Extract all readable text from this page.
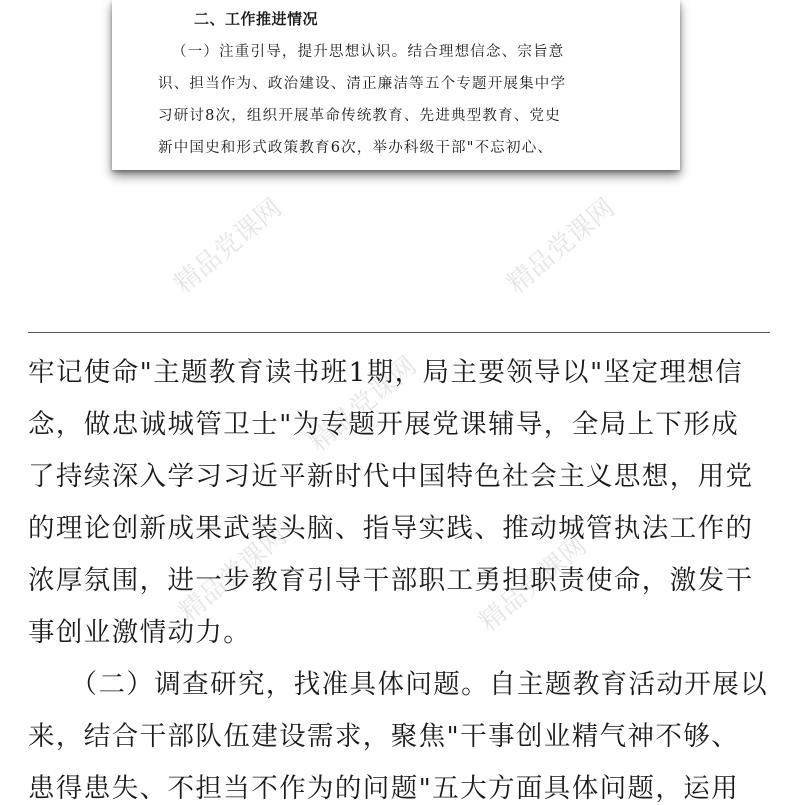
二、工作推进情况
（一）注重引导，提升思想认识。结合理想信念、宗旨意
识、担当作为、政治建设、清正廉洁等五个专题开展集中学
习研讨8次，组织开展革命传统教育、先进典型教育、党史
新中国史和形式政策教育6次，举办科级干部"不忘初心、
精品党课网	精品党课网
精品党课网
精品党课网	精品党课网
牢记使命"主题教育读书班1期，局主要领导以"坚定理想信
念，做忠诚城管卫士"为专题开展党课辅导，全局上下形成
了持续深入学习习近平新时代中国特色社会主义思想，用党
的理论创新成果武装头脑、指导实践、推动城管执法工作的
浓厚氛围，进一步教育引导干部职工勇担职责使命，激发干
事创业激情动力。
　　（二）调查研究，找准具体问题。自主题教育活动开展以
来，结合干部队伍建设需求，聚焦"干事创业精气神不够、
患得患失、不担当不作为的问题"五大方面具体问题，运用
